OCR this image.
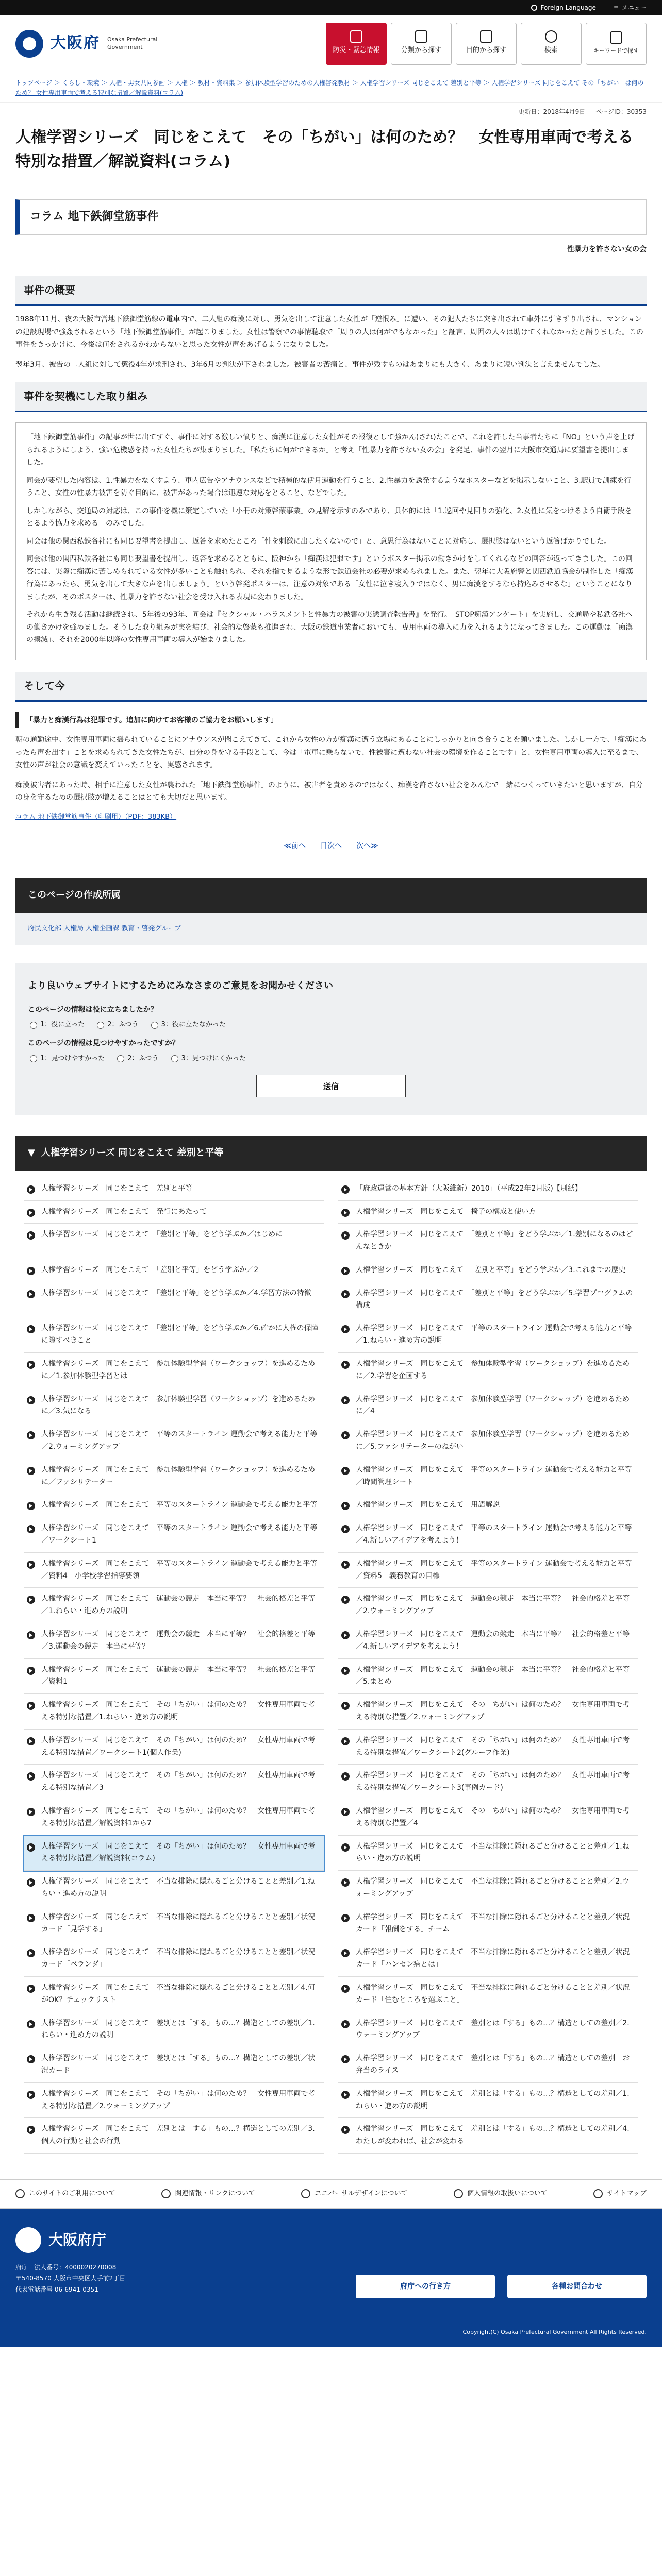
Foreign Language	≡ メニュー
大阪府 Osaka Prefectural Government	防災・緊急情報	分類から探す	目的から探す	検索	キーワードで探す
トップページ ＞ くらし・環境 ＞ 人権・男女共同参画 ＞ 人権 ＞ 教材・資料集 ＞ 参加体験型学習のための人権啓発教材 ＞ 人権学習シリーズ 同じをこえて 差別と平等 ＞ 人権学習シリーズ 同じをこえて その「ちがい」は何のため？ 女性専用車両で考える特別な措置／解説資料(コラム)
更新日：2018年4月9日 ページID：30353
人権学習シリーズ　同じをこえて　その「ちがい」は何のため？　女性専用車両で考える特別な措置／解説資料(コラム)
コラム 地下鉄御堂筋事件
性暴力を許さない女の会
事件の概要

1988年11月、夜の大阪市営地下鉄御堂筋線の電車内で、二人組の痴漢に対し、勇気を出して注意した女性が「逆恨み」に遭い、その犯人たちに突き出されて車外に引きずり出され、マンションの建設現場で強姦されるという「地下鉄御堂筋事件」が起こりました。女性は警察での事情聴取で「周りの人は何がでもなかった」と証言、周囲の人々は助けてくれなかったと語りました。この事件をきっかけに、今後は何をされるかわからないと思った女性が声をあげるようになりました。

翌年3月、被告の二人組に対して懲役4年が求刑され、3年6月の判決が下されました。被害者の苦痛と、事件が残すものはあまりにも大きく、あまりに短い判決と言えませんでした。

事件を契機にした取り組み

「地下鉄御堂筋事件」の記事が世に出てすぐ、事件に対する激しい憤りと、痴漢に注意した女性がその報復として強かん(され)たことで、これを許した当事者たちに「NO」という声を上げられるようにしよう、強い危機感を持った女性たちが集まりました。「私たちに何ができるか」と考え「性暴力を許さない女の会」を発足、事件の翌月に大阪市交通局に要望書を提出しました。

同会が要望した内容は、1.性暴力をなくすよう、車内広告やアナウンスなどで積極的な伊月運動を行うこと、2.性暴力を誘発するようなポスターなどを掲示しないこと、3.駅員で訓練を行うこと、女性の性暴力被害を防ぐ目的に、被害があった場合は迅速な対応をとること、などでした。

しかしながら、交通局の対応は、この事件を機に策定していた「小冊の対策啓蒙事業」の見解を示すのみであり、具体的には「1.巡回や見回りの強化、2.女性に気をつけるよう自衛手段をとるよう協力を求める」のみでした。

同会は他の関西私鉄各社にも同じ要望書を提出し、返答を求めたところ「性を刺激に出したくないので」と、意思行為はないことに対応し、選択肢はないという返答ばかりでした。

同会は他の関西私鉄各社にも同じ要望書を提出し、返答を求めるとともに、阪神から「痴漢は犯罪です」というポスター掲示の働きかけをしてくれるなどの回答が返ってきました。この回答には、実際に痴漢に苦しめられている女性が多いことも触れられ、それを指で見るような形で鉄道会社の必要が求められました。また、翌年に大阪府警と関西鉄道協会が制作した「痴漢行為にあったら、勇気を出して大きな声を出しましょう」という啓発ポスターは、注意の対象である「女性に泣き寝入りではなく、男に痴漢をするなら持込みさせるな」ということになりましたが、そのポスターは、性暴力を許さない社会を受け入れる表現に変わりました。

それから生き残る活動は継続され、5年後の93年、同会は『セクシャル・ハラスメントと性暴力の被害の実態調査報告書』を発行。「STOP痴漢アンケート」を実施し、交通局や私鉄各社への働きかけを強めました。そうした取り組みが実を結び、社会的な啓蒙も推進され、大阪の鉄道事業者においても、専用車両の導入に力を入れるようになってきました。この運動は「痴漢の撲滅」、それを2000年以降の女性専用車両の導入が始まりました。

そして今
「暴力と痴漢行為は犯罪です。追加に向けてお客様のご協力をお願いします」

朝の通勤途中、女性専用車両に揺られていることにアナウンスが聞こえてきて、これから女性の方が痴漢に遭う立場にあることにしっかりと向き合うことを願いました。しかし一方で、「痴漢にあったら声を出す」ことを求められてきた女性たちが、自分の身を守る手段として、今は「電車に乗らないで、性被害に遭わない社会の環境を作ることです」と、女性専用車両の導入に至るまで、女性の声が社会の意識を変えていったことを、実感されます。

痴漢被害者にあった時、相手に注意した女性が襲われた「地下鉄御堂筋事件」のように、被害者を責めるのではなく、痴漢を許さない社会をみんなで一緒につくっていきたいと思いますが、自分の身を守るための選択肢が増えることはとても大切だと思います。

コラム 地下鉄御堂筋事件（印刷用）（PDF：383KB）
≪前へ 目次へ 次へ≫
このページの作成所属
府民文化部 人権局 人権企画課 教育・啓発グループ
より良いウェブサイトにするためにみなさまのご意見をお聞かせください
このページの情報は役に立ちましたか？
1：役に立った	2：ふつう	3：役に立たなかった
このページの情報は見つけやすかったですか？
1：見つけやすかった	2：ふつう	3：見つけにくかった
送信
▼ 人権学習シリーズ 同じをこえて 差別と平等
人権学習シリーズ　同じをこえて　差別と平等	「府政運営の基本方針（大阪維新）2010」（平成22年2月版)【別紙】
人権学習シリーズ　同じをこえて　発行にあたって	人権学習シリーズ　同じをこえて　椅子の構成と使い方
人権学習シリーズ　同じをこえて　「差別と平等」をどう学ぶか／はじめに	人権学習シリーズ　同じをこえて　「差別と平等」をどう学ぶか／1.差別になるのはどんなときか
人権学習シリーズ　同じをこえて　「差別と平等」をどう学ぶか／2	人権学習シリーズ　同じをこえて　「差別と平等」をどう学ぶか／3.これまでの歴史
人権学習シリーズ　同じをこえて　「差別と平等」をどう学ぶか／4.学習方法の特徴	人権学習シリーズ　同じをこえて　「差別と平等」をどう学ぶか／5.学習プログラムの構成
人権学習シリーズ　同じをこえて　「差別と平等」をどう学ぶか／6.確かに人権の保障に際すべきこと
人権学習シリーズ　同じをこえて　平等のスタートライン 運動会で考える能力と平等／1.ねらい・進め方の説明
人権学習シリーズ　同じをこえて　参加体験型学習（ワークショップ）を進めるために／1.参加体験型学習とは
人権学習シリーズ　同じをこえて　参加体験型学習（ワークショップ）を進めるために／2.学習を企画する
人権学習シリーズ　同じをこえて　参加体験型学習（ワークショップ）を進めるために／3.気になる
人権学習シリーズ　同じをこえて　参加体験型学習（ワークショップ）を進めるために／4
人権学習シリーズ　同じをこえて　平等のスタートライン 運動会で考える能力と平等／2.ウォーミングアップ
人権学習シリーズ　同じをこえて　参加体験型学習（ワークショップ）を進めるために／5.ファシリテーターのねがい
人権学習シリーズ　同じをこえて　参加体験型学習（ワークショップ）を進めるために／ファシリテーター
人権学習シリーズ　同じをこえて　平等のスタートライン 運動会で考える能力と平等／時間管理シート
人権学習シリーズ　同じをこえて　平等のスタートライン 運動会で考える能力と平等	人権学習シリーズ　同じをこえて　用語解説
人権学習シリーズ　同じをこえて　平等のスタートライン 運動会で考える能力と平等／ワークシート1
人権学習シリーズ　同じをこえて　平等のスタートライン 運動会で考える能力と平等／4.新しいアイデアを考えよう！
人権学習シリーズ　同じをこえて　平等のスタートライン 運動会で考える能力と平等／資料4　小学校学習指導要領
人権学習シリーズ　同じをこえて　平等のスタートライン 運動会で考える能力と平等／資料5　義務教育の目標
人権学習シリーズ　同じをこえて　運動会の競走　本当に平等？　社会的格差と平等／1.ねらい・進め方の説明
人権学習シリーズ　同じをこえて　運動会の競走　本当に平等？　社会的格差と平等／2.ウォーミングアップ
人権学習シリーズ　同じをこえて　運動会の競走　本当に平等？　社会的格差と平等／3.運動会の競走　本当に平等？
人権学習シリーズ　同じをこえて　運動会の競走　本当に平等？　社会的格差と平等／4.新しいアイデアを考えよう！
人権学習シリーズ　同じをこえて　運動会の競走　本当に平等？　社会的格差と平等／資料1
人権学習シリーズ　同じをこえて　運動会の競走　本当に平等？　社会的格差と平等／5.まとめ
人権学習シリーズ　同じをこえて　その「ちがい」は何のため？　女性専用車両で考える特別な措置／1.ねらい・進め方の説明
人権学習シリーズ　同じをこえて　その「ちがい」は何のため？　女性専用車両で考える特別な措置／2.ウォーミングアップ
人権学習シリーズ　同じをこえて　その「ちがい」は何のため？　女性専用車両で考える特別な措置／ワークシート1(個人作業)
人権学習シリーズ　同じをこえて　その「ちがい」は何のため？　女性専用車両で考える特別な措置／ワークシート2(グループ作業)
人権学習シリーズ　同じをこえて　その「ちがい」は何のため？　女性専用車両で考える特別な措置／3
人権学習シリーズ　同じをこえて　その「ちがい」は何のため？　女性専用車両で考える特別な措置／ワークシート3(事例カード)
人権学習シリーズ　同じをこえて　その「ちがい」は何のため？　女性専用車両で考える特別な措置／解説資料1から7
人権学習シリーズ　同じをこえて　その「ちがい」は何のため？　女性専用車両で考える特別な措置／4
人権学習シリーズ　同じをこえて　その「ちがい」は何のため？　女性専用車両で考える特別な措置／解説資料(コラム)
人権学習シリーズ　同じをこえて　不当な排除に隠れるごと分けることと差別／1.ねらい・進め方の説明
人権学習シリーズ　同じをこえて　不当な排除に隠れるごと分けることと差別／1.ねらい・進め方の説明
人権学習シリーズ　同じをこえて　不当な排除に隠れるごと分けることと差別／2.ウォーミングアップ
人権学習シリーズ　同じをこえて　不当な排除に隠れるごと分けることと差別／状況カード「見学する」
人権学習シリーズ　同じをこえて　不当な排除に隠れるごと分けることと差別／状況カード「報酬をする」チーム
人権学習シリーズ　同じをこえて　不当な排除に隠れるごと分けることと差別／状況カード「ベランダ」
人権学習シリーズ　同じをこえて　不当な排除に隠れるごと分けることと差別／状況カード「ハンセン病とは」
人権学習シリーズ　同じをこえて　不当な排除に隠れるごと分けることと差別／4.何がOK？チェックリスト
人権学習シリーズ　同じをこえて　不当な排除に隠れるごと分けることと差別／状況カード「住むところを選ぶこと」
人権学習シリーズ　同じをこえて　差別とは「する」もの…？構造としての差別／1.ねらい・進め方の説明
人権学習シリーズ　同じをこえて　差別とは「する」もの…？構造としての差別／2.ウォーミングアップ
人権学習シリーズ　同じをこえて　差別とは「する」もの…？構造としての差別／状況カード
人権学習シリーズ　同じをこえて　差別とは「する」もの…？構造としての差別　お弁当のライス
人権学習シリーズ　同じをこえて　その「ちがい」は何のため？　女性専用車両で考える特別な措置／2.ウォーミングアップ
人権学習シリーズ　同じをこえて　差別とは「する」もの…？構造としての差別／1.ねらい・進め方の説明
人権学習シリーズ　同じをこえて　差別とは「する」もの…？構造としての差別／3.個人の行動と社会の行動
人権学習シリーズ　同じをこえて　差別とは「する」もの…？構造としての差別／4.わたしが変われば、社会が変わる
このサイトのご利用について	関連情報・リンクについて	ユニバーサルデザインについて	個人情報の取扱いについて	サイトマップ
大阪府庁
府庁　 法人番号：4000020270008
〒540-8570 大阪市中央区大手前2丁目
代表電話番号 06-6941-0351	府庁への行き方	各種お問合わせ
Copyright(C) Osaka Prefectural Government All Rights Reserved.
